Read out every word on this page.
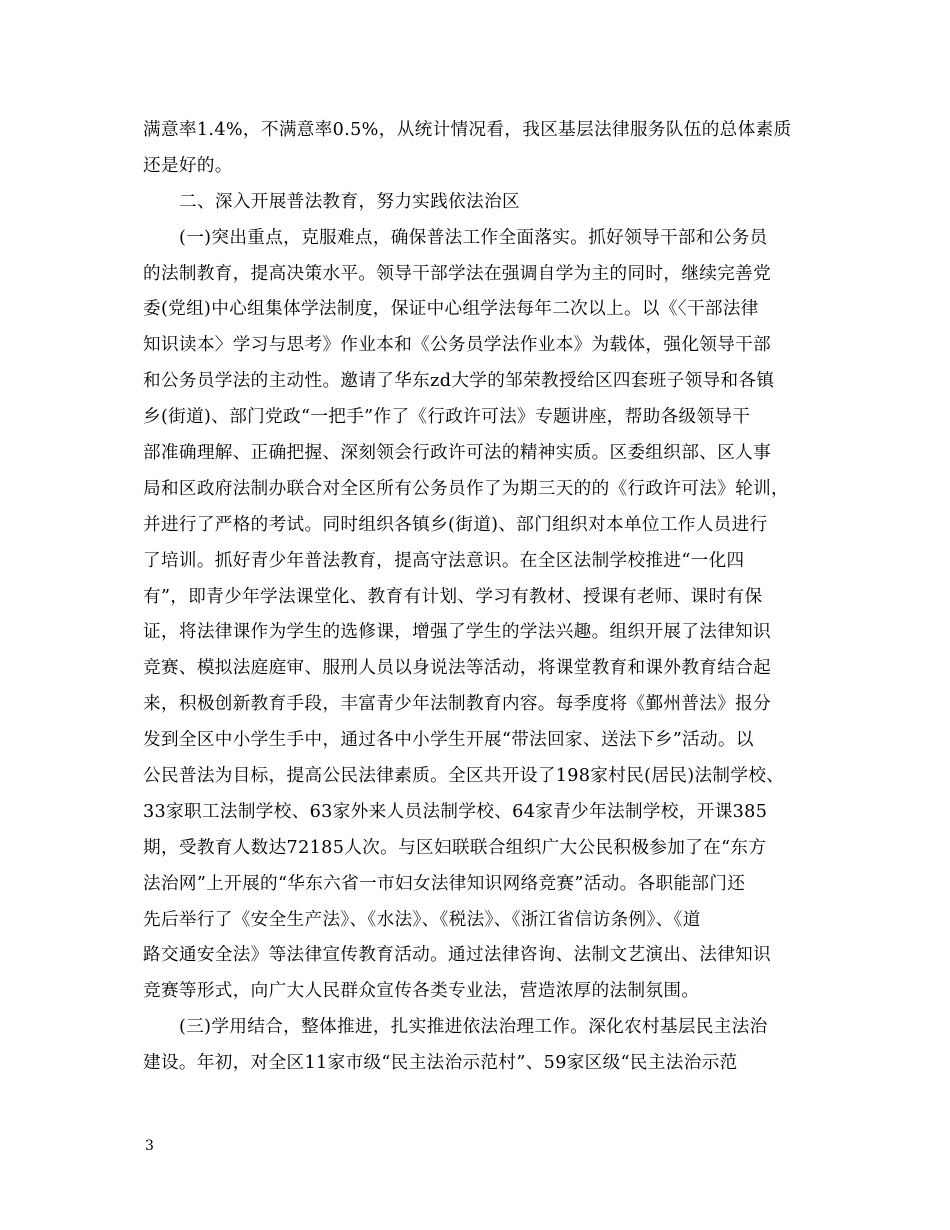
满意率1.4%，不满意率0.5%，从统计情况看，我区基层法律服务队伍的总体素质
还是好的。
二、深入开展普法教育，努力实践依法治区
(一)突出重点，克服难点，确保普法工作全面落实。抓好领导干部和公务员
的法制教育，提高决策水平。领导干部学法在强调自学为主的同时，继续完善党
委(党组)中心组集体学法制度，保证中心组学法每年二次以上。以《〈干部法律
知识读本〉学习与思考》作业本和《公务员学法作业本》为载体，强化领导干部
和公务员学法的主动性。邀请了华东zd大学的邹荣教授给区四套班子领导和各镇
乡(街道)、部门党政“一把手”作了《行政许可法》专题讲座，帮助各级领导干
部准确理解、正确把握、深刻领会行政许可法的精神实质。区委组织部、区人事
局和区政府法制办联合对全区所有公务员作了为期三天的的《行政许可法》轮训，
并进行了严格的考试。同时组织各镇乡(街道)、部门组织对本单位工作人员进行
了培训。抓好青少年普法教育，提高守法意识。在全区法制学校推进“一化四
有”，即青少年学法课堂化、教育有计划、学习有教材、授课有老师、课时有保
证，将法律课作为学生的选修课，增强了学生的学法兴趣。组织开展了法律知识
竞赛、模拟法庭庭审、服刑人员以身说法等活动，将课堂教育和课外教育结合起
来，积极创新教育手段，丰富青少年法制教育内容。每季度将《鄞州普法》报分
发到全区中小学生手中，通过各中小学生开展“带法回家、送法下乡”活动。以
公民普法为目标，提高公民法律素质。全区共开设了198家村民(居民)法制学校、
33家职工法制学校、63家外来人员法制学校、64家青少年法制学校，开课385
期，受教育人数达72185人次。与区妇联联合组织广大公民积极参加了在“东方
法治网”上开展的“华东六省一市妇女法律知识网络竞赛”活动。各职能部门还
先后举行了《安全生产法》、《水法》、《税法》、《浙江省信访条例》、《道
路交通安全法》等法律宣传教育活动。通过法律咨询、法制文艺演出、法律知识
竞赛等形式，向广大人民群众宣传各类专业法，营造浓厚的法制氛围。
(三)学用结合，整体推进，扎实推进依法治理工作。深化农村基层民主法治
建设。年初，对全区11家市级“民主法治示范村”、59家区级“民主法治示范
3
